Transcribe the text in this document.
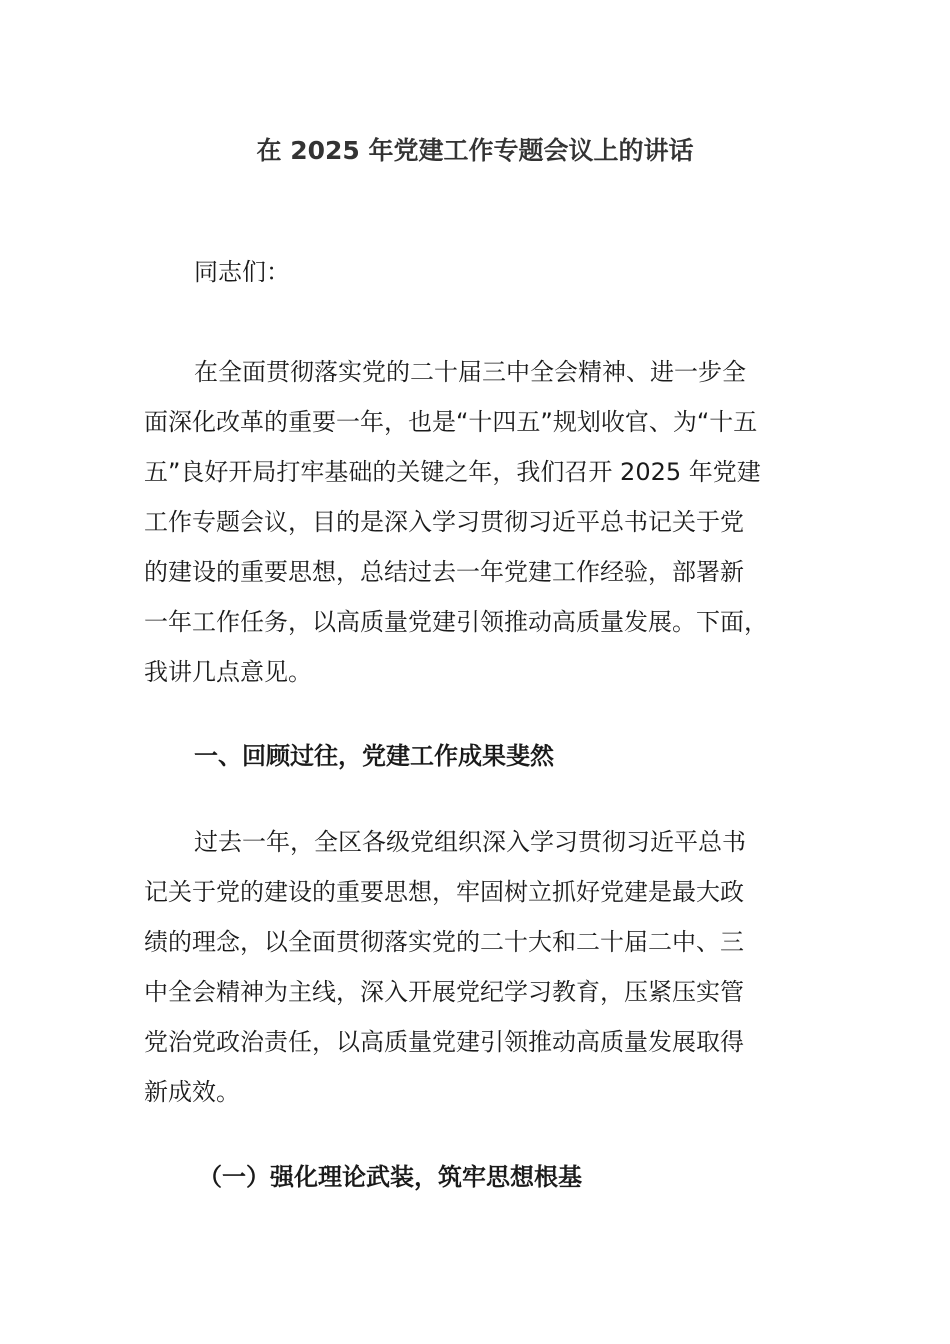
在 2025 年党建工作专题会议上的讲话
同志们：
在全面贯彻落实党的二十届三中全会精神、进一步全
面深化改革的重要一年，也是“十四五”规划收官、为“十五
五”良好开局打牢基础的关键之年，我们召开 2025 年党建
工作专题会议，目的是深入学习贯彻习近平总书记关于党
的建设的重要思想，总结过去一年党建工作经验，部署新
一年工作任务，以高质量党建引领推动高质量发展。下面，
我讲几点意见。
一、回顾过往，党建工作成果斐然
过去一年，全区各级党组织深入学习贯彻习近平总书
记关于党的建设的重要思想，牢固树立抓好党建是最大政
绩的理念，以全面贯彻落实党的二十大和二十届二中、三
中全会精神为主线，深入开展党纪学习教育，压紧压实管
党治党政治责任，以高质量党建引领推动高质量发展取得
新成效。
（一）强化理论武装，筑牢思想根基
